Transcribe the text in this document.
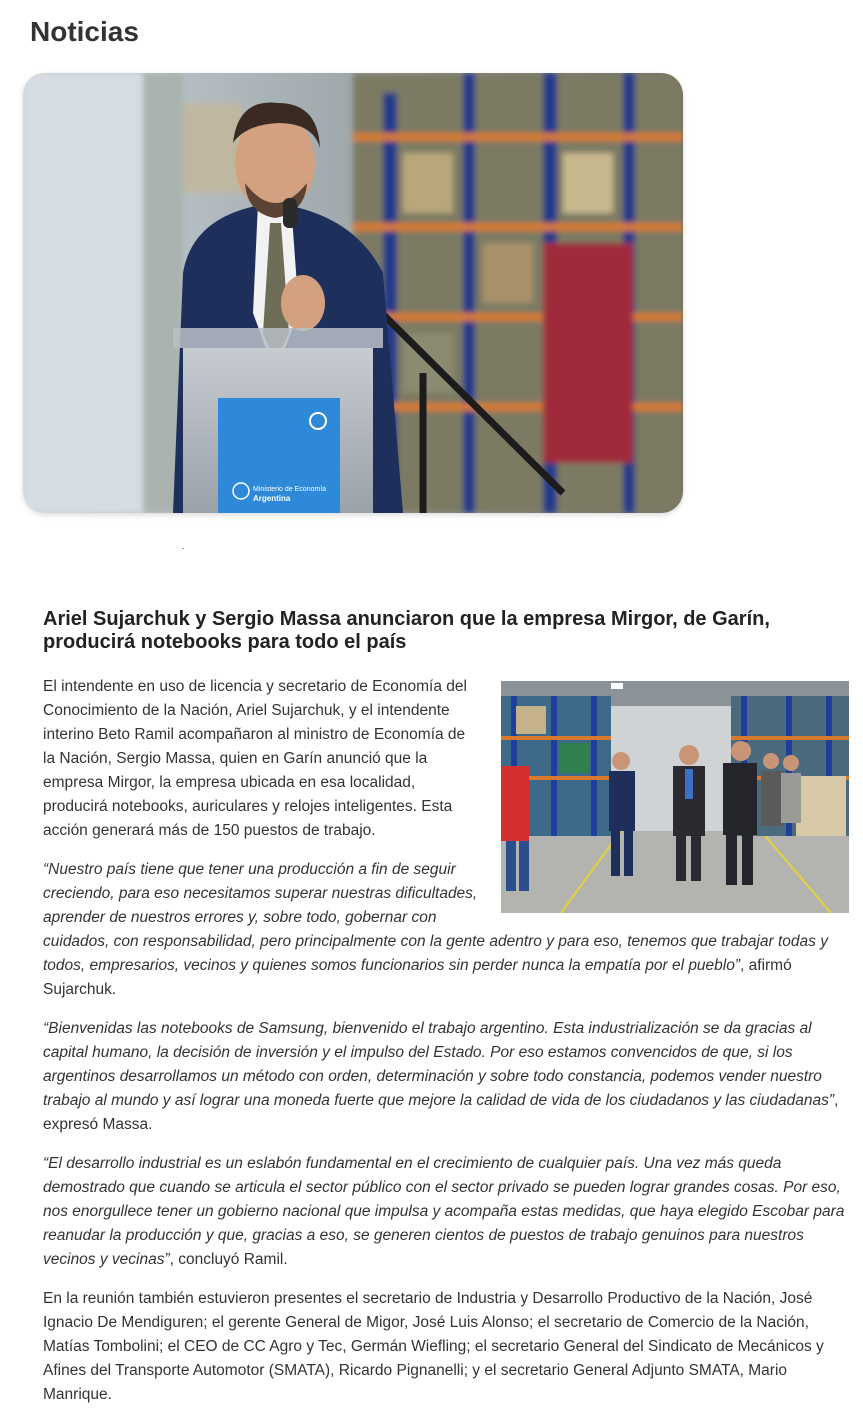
Noticias
Ministerio de Economía
Argentina
Ariel Sujarchuk y Sergio Massa anunciaron que la empresa Mirgor, de Garín, producirá notebooks para todo el país

El intendente en uso de licencia y secretario de Economía del Conocimiento de la Nación, Ariel Sujarchuk, y el intendente interino Beto Ramil acompañaron al ministro de Economía de la Nación, Sergio Massa, quien en Garín anunció que la empresa Mirgor, la empresa ubicada en esa localidad, producirá notebooks, auriculares y relojes inteligentes. Esta acción generará más de 150 puestos de trabajo.

“Nuestro país tiene que tener una producción a fin de seguir creciendo, para eso necesitamos superar nuestras dificultades, aprender de nuestros errores y, sobre todo, gobernar con cuidados, con responsabilidad, pero principalmente con la gente adentro y para eso, tenemos que trabajar todas y todos, empresarios, vecinos y quienes somos funcionarios sin perder nunca la empatía por el pueblo”, afirmó Sujarchuk.

“Bienvenidas las notebooks de Samsung, bienvenido el trabajo argentino. Esta industrialización se da gracias al capital humano, la decisión de inversión y el impulso del Estado. Por eso estamos convencidos de que, si los argentinos desarrollamos un método con orden, determinación y sobre todo constancia, podemos vender nuestro trabajo al mundo y así lograr una moneda fuerte que mejore la calidad de vida de los ciudadanos y las ciudadanas”, expresó Massa.

“El desarrollo industrial es un eslabón fundamental en el crecimiento de cualquier país. Una vez más queda demostrado que cuando se articula el sector público con el sector privado se pueden lograr grandes cosas. Por eso, nos enorgullece tener un gobierno nacional que impulsa y acompaña estas medidas, que haya elegido Escobar para reanudar la producción y que, gracias a eso, se generen cientos de puestos de trabajo genuinos para nuestros vecinos y vecinas”, concluyó Ramil.

En la reunión también estuvieron presentes el secretario de Industria y Desarrollo Productivo de la Nación, José Ignacio De Mendiguren; el gerente General de Migor, José Luis Alonso; el secretario de Comercio de la Nación, Matías Tombolini; el CEO de CC Agro y Tec, Germán Wiefling; el secretario General del Sindicato de Mecánicos y Afines del Transporte Automotor (SMATA), Ricardo Pignanelli; y el secretario General Adjunto SMATA, Mario Manrique.
